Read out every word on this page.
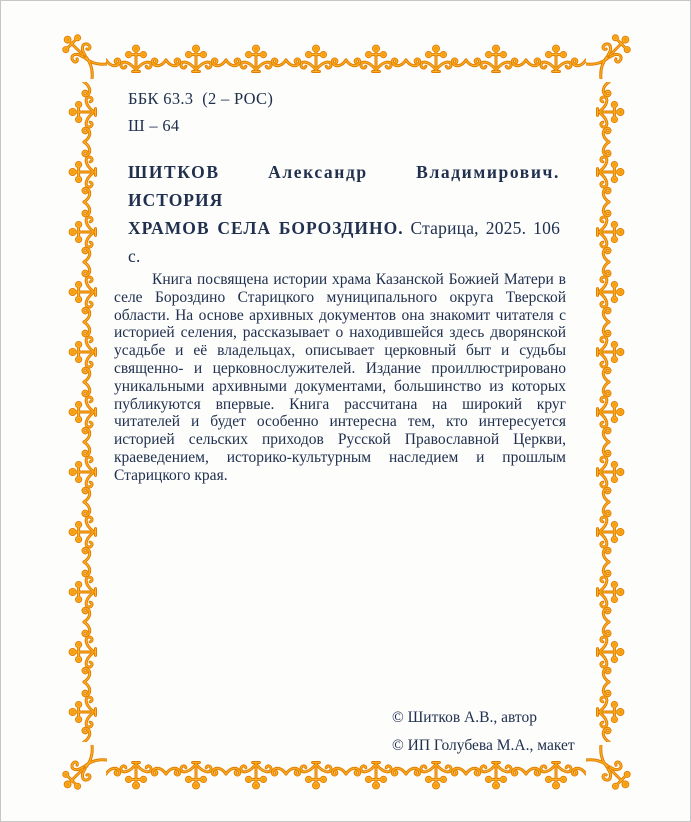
ББК 63.3  (2 – РОС)
Ш – 64
ШИТКОВ Александр Владимирович. ИСТОРИЯ
ХРАМОВ СЕЛА БОРОЗДИНО. Старица, 2025. 106 с.
Книга посвящена истории храма Казанской Божией Матери в селе Бороздино Старицкого муниципального округа Тверской области. На основе архивных документов она знакомит читателя с историей селения, рассказывает о находившейся здесь дворянской усадьбе и её владельцах, описывает церковный быт и судьбы священно- и церковнослужителей. Издание проиллюстрировано уникальными архивными документами, большинство из которых публикуются впервые. Книга рассчитана на широкий круг читателей и будет особенно интересна тем, кто интересуется историей сельских приходов Русской Православной Церкви, краеведением, историко-культурным наследием и прошлым Старицкого края.
© Шитков А.В., автор
© ИП Голубева М.А., макет
